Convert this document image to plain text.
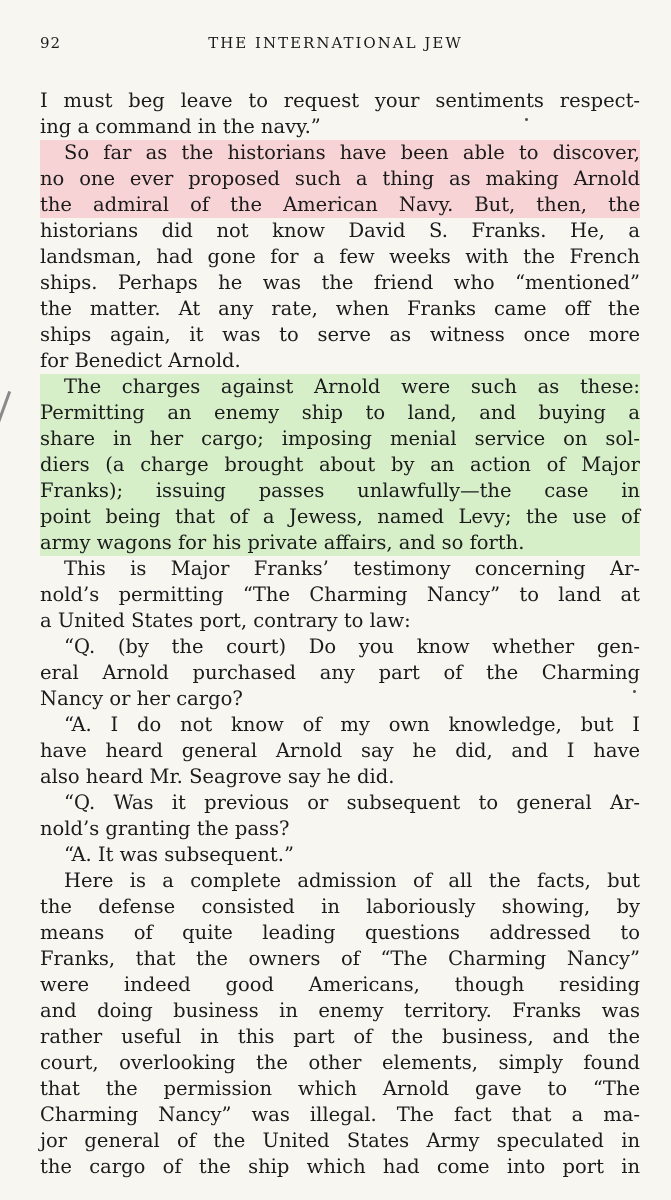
92	THE INTERNATIONAL JEW
I must beg leave to request your sentiments respect-
ing a command in the navy.”
So far as the historians have been able to discover,
no one ever proposed such a thing as making Arnold
the admiral of the American Navy. But, then, the
historians did not know David S. Franks. He, a
landsman, had gone for a few weeks with the French
ships. Perhaps he was the friend who “mentioned”
the matter. At any rate, when Franks came off the
ships again, it was to serve as witness once more
for Benedict Arnold.
The charges against Arnold were such as these:
Permitting an enemy ship to land, and buying a
share in her cargo; imposing menial service on sol-
diers (a charge brought about by an action of Major
Franks); issuing passes unlawfully—the case in
point being that of a Jewess, named Levy; the use of
army wagons for his private affairs, and so forth.
This is Major Franks’ testimony concerning Ar-
nold’s permitting “The Charming Nancy” to land at
a United States port, contrary to law:
“Q. (by the court) Do you know whether gen-
eral Arnold purchased any part of the Charming
Nancy or her cargo?
“A. I do not know of my own knowledge, but I
have heard general Arnold say he did, and I have
also heard Mr. Seagrove say he did.
“Q. Was it previous or subsequent to general Ar-
nold’s granting the pass?
“A. It was subsequent.”
Here is a complete admission of all the facts, but
the defense consisted in laboriously showing, by
means of quite leading questions addressed to
Franks, that the owners of “The Charming Nancy”
were indeed good Americans, though residing
and doing business in enemy territory. Franks was
rather useful in this part of the business, and the
court, overlooking the other elements, simply found
that the permission which Arnold gave to “The
Charming Nancy” was illegal. The fact that a ma-
jor general of the United States Army speculated in
the cargo of the ship which had come into port in
